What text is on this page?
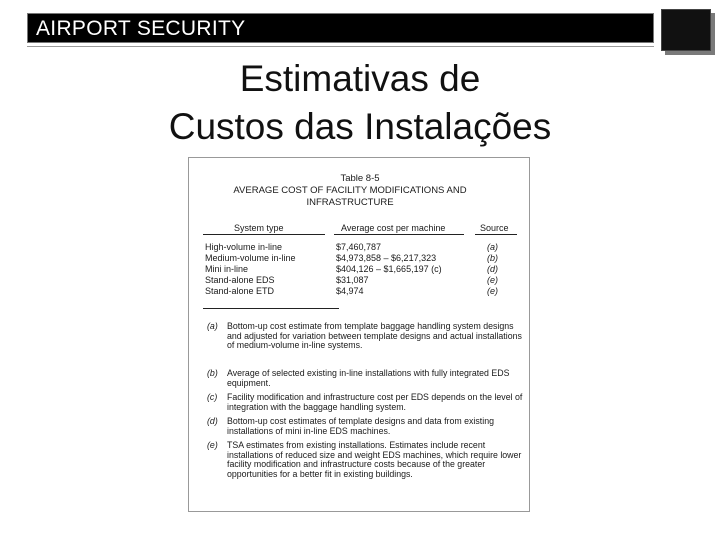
AIRPORT SECURITY
Estimativas de
Custos das Instalações
Table 8-5
AVERAGE COST OF FACILITY MODIFICATIONS AND
INFRASTRUCTURE
System type	Average cost per machine	Source
High-volume in-line	$7,460,787	(a)
Medium-volume in-line	$4,973,858 – $6,217,323	(b)
Mini in-line	$404,126 – $1,665,197 (c)	(d)
Stand-alone EDS	$31,087	(e)
Stand-alone ETD	$4,974	(e)
(a) Bottom-up cost estimate from template baggage handling system designs and adjusted for variation between template designs and actual installations of medium-volume in-line systems.
(b) Average of selected existing in-line installations with fully integrated EDS equipment.
(c) Facility modification and infrastructure cost per EDS depends on the level of integration with the baggage handling system.
(d) Bottom-up cost estimates of template designs and data from existing installations of mini in-line EDS machines.
(e) TSA estimates from existing installations. Estimates include recent installations of reduced size and weight EDS machines, which require lower facility modification and infrastructure costs because of the greater opportunities for a better fit in existing buildings.
